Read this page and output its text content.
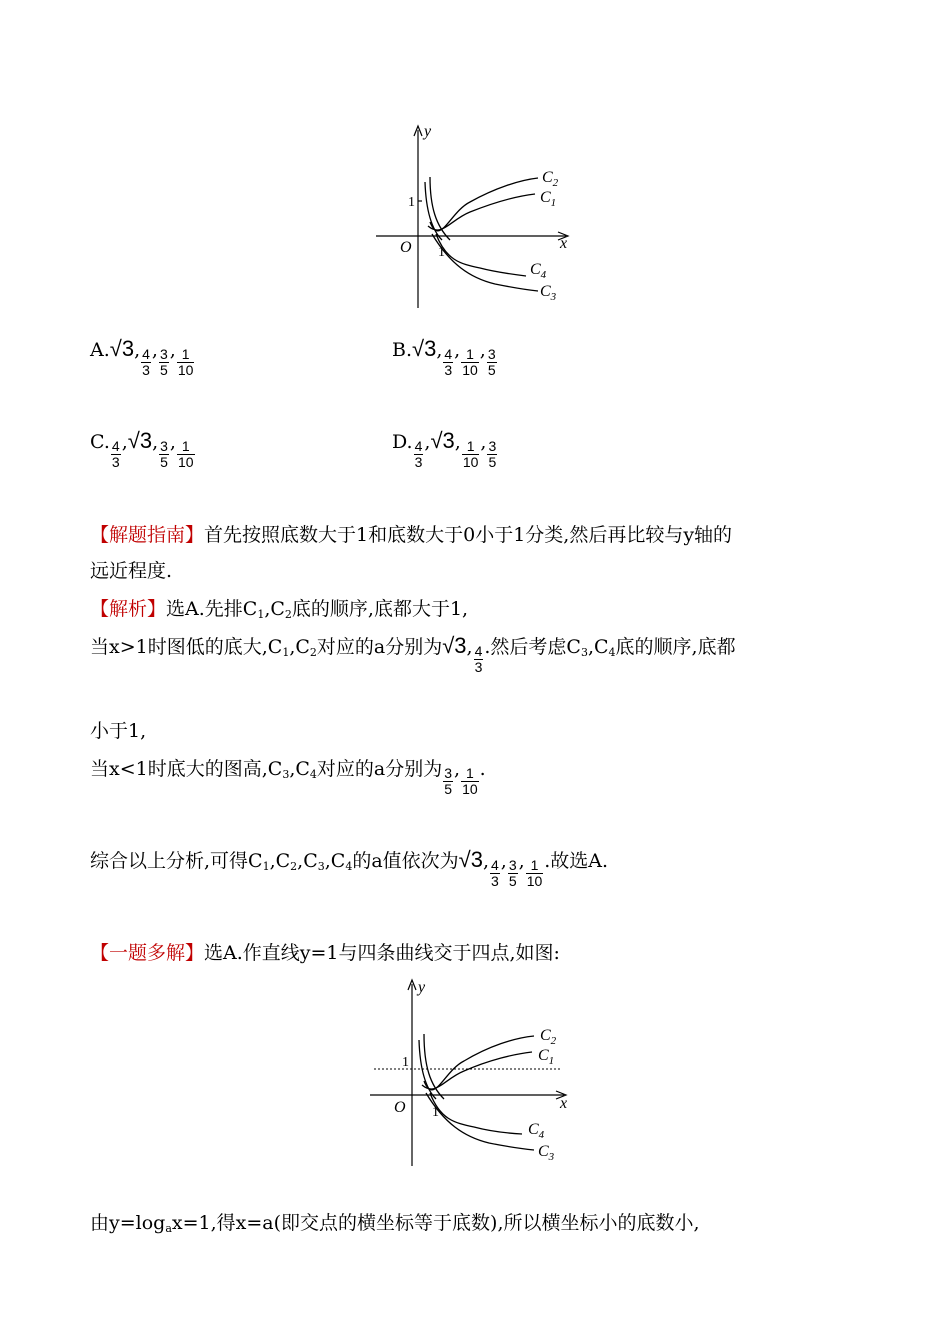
y
x
O
1
1
$C_2$
$C_1$
$C_4$
$C_3$
A.√3, $\frac{4}{3}$ , $\frac{3}{5}$ , $\frac{1}{10}$	B.√3, $\frac{4}{3}$ , $\frac{1}{10}$ , $\frac{3}{5}$
C. $\frac{4}{3} ,√3$, $\frac{3}{5}$ , $\frac{1}{10}$	D. $\frac{4}{3} ,√3$, $\frac{1}{10}$ , $\frac{3}{5}$
【解题指南】首先按照底数大于1和底数大于0小于1分类,然后再比较与y轴的
远近程度.
【解析】选A.先排$C_1,C_2$底的顺序,底都大于1,
当x>1时图低的底大$,C_1,C_2$对应的a分别为√3, $\frac{4}{3}$ .然后考虑$C_3,C_4$底的顺序,底都
小于1,
当x<1时底大的图高$,C_3,C_4$对应的a分别为 $\frac{3}{5}$ , $\frac{1}{10}$ .
综合以上分析,可得$C_1,C_2,C_3,C_4$的a值依次为√3, $\frac{4}{3}$ , $\frac{3}{5}$ , $\frac{1}{10}$ .故选A.
【一题多解】选A.作直线y=1与四条曲线交于四点,如图:
y
x
O
1
1
$C_2$
$C_1$
$C_4$
$C_3$
由$y=\log_ax=1$,得x=a(即交点的横坐标等于底数),所以横坐标小的底数小,
